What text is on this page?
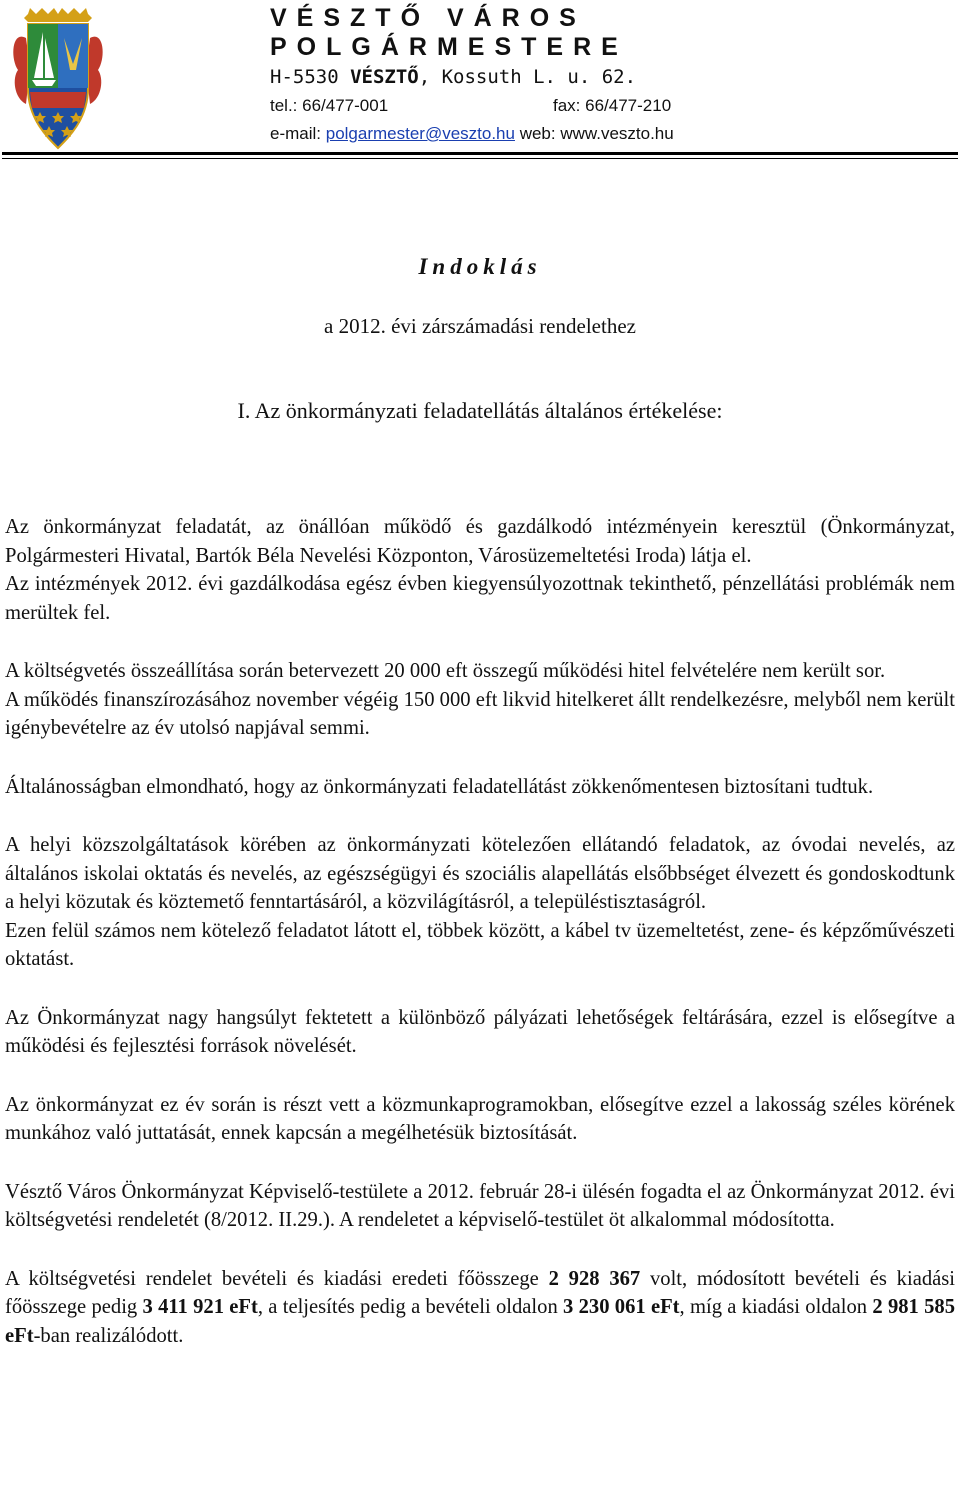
VÉSZTŐ VÁROS
POLGÁRMESTERE
H-5530 VÉSZTŐ, Kossuth L. u. 62.
tel.: 66/477-001	fax: 66/477-210
e-mail: polgarmester@veszto.hu web: www.veszto.hu
Indoklás
a 2012. évi zárszámadási rendelethez
I. Az önkormányzati feladatellátás általános értékelése:

Az önkormányzat feladatát, az önállóan működő és gazdálkodó intézményein keresztül (Önkormányzat, Polgármesteri Hivatal, Bartók Béla Nevelési Központon, Városüzemeltetési Iroda) látja el.

Az intézmények 2012. évi gazdálkodása egész évben kiegyensúlyozottnak tekinthető, pénzellátási problémák nem merültek fel.

A költségvetés összeállítása során betervezett 20 000 eft összegű működési hitel felvételére nem került sor.

A működés finanszírozásához november végéig 150 000 eft likvid hitelkeret állt rendelkezésre, melyből nem került igénybevételre az év utolsó napjával semmi.

Általánosságban elmondható, hogy az önkormányzati feladatellátást zökkenőmentesen biztosítani tudtuk.

A helyi közszolgáltatások körében az önkormányzati kötelezően ellátandó feladatok, az óvodai nevelés, az általános iskolai oktatás és nevelés, az egészségügyi és szociális alapellátás elsőbbséget élvezett és gondoskodtunk a helyi közutak és köztemető fenntartásáról, a közvilágításról, a településtisztaságról.

Ezen felül számos nem kötelező feladatot látott el, többek között, a kábel tv üzemeltetést, zene- és képzőművészeti oktatást.

Az Önkormányzat nagy hangsúlyt fektetett a különböző pályázati lehetőségek feltárására, ezzel is elősegítve a működési és fejlesztési források növelését.

Az önkormányzat ez év során is részt vett a közmunkaprogramokban, elősegítve ezzel a lakosság széles körének munkához való juttatását, ennek kapcsán a megélhetésük biztosítását.

Vésztő Város Önkormányzat Képviselő-testülete a 2012. február 28-i ülésén fogadta el az Önkormányzat 2012. évi költségvetési rendeletét (8/2012. II.29.). A rendeletet a képviselő-testület öt alkalommal módosította.

A költségvetési rendelet bevételi és kiadási eredeti főösszege 2 928 367 volt, módosított bevételi és kiadási főösszege pedig 3 411 921 eFt, a teljesítés pedig a bevételi oldalon 3 230 061 eFt, míg a kiadási oldalon 2 981 585 eFt-ban realizálódott.
